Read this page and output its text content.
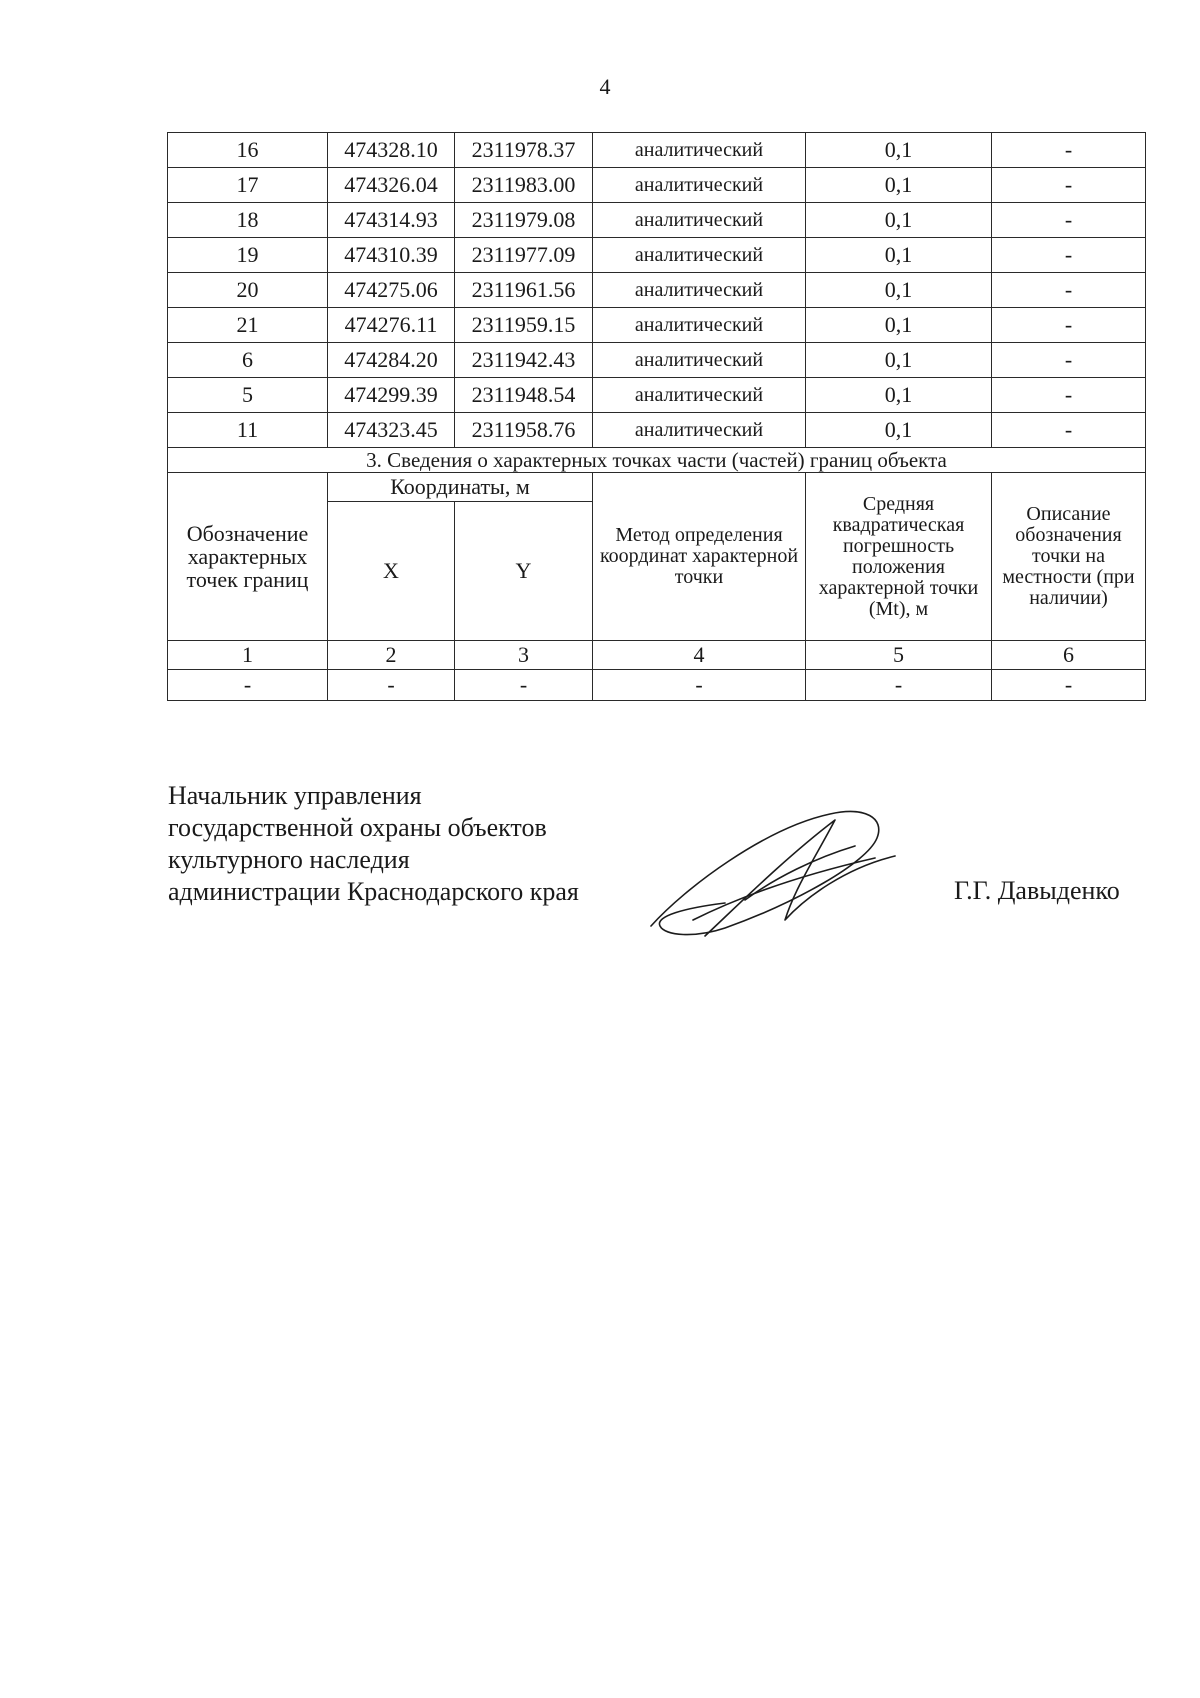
4
16	474328.10	2311978.37	аналитический	0,1	-
17	474326.04	2311983.00	аналитический	0,1	-
18	474314.93	2311979.08	аналитический	0,1	-
19	474310.39	2311977.09	аналитический	0,1	-
20	474275.06	2311961.56	аналитический	0,1	-
21	474276.11	2311959.15	аналитический	0,1	-
6	474284.20	2311942.43	аналитический	0,1	-
5	474299.39	2311948.54	аналитический	0,1	-
11	474323.45	2311958.76	аналитический	0,1	-
3. Сведения о характерных точках части (частей) границ объекта					
Обозначение характерных точек границ	Координаты, м		Метод определения координат характерной точки	Средняя квадратическая погрешность положения характерной точки (Mt), м	Описание обозначения точки на местности (при наличии)
	X	Y			
1	2	3	4	5	6
-	-	-	-	-	-
Начальник управления
государственной охраны объектов
культурного наследия
администрации Краснодарского края	Г.Г. Давыденко
